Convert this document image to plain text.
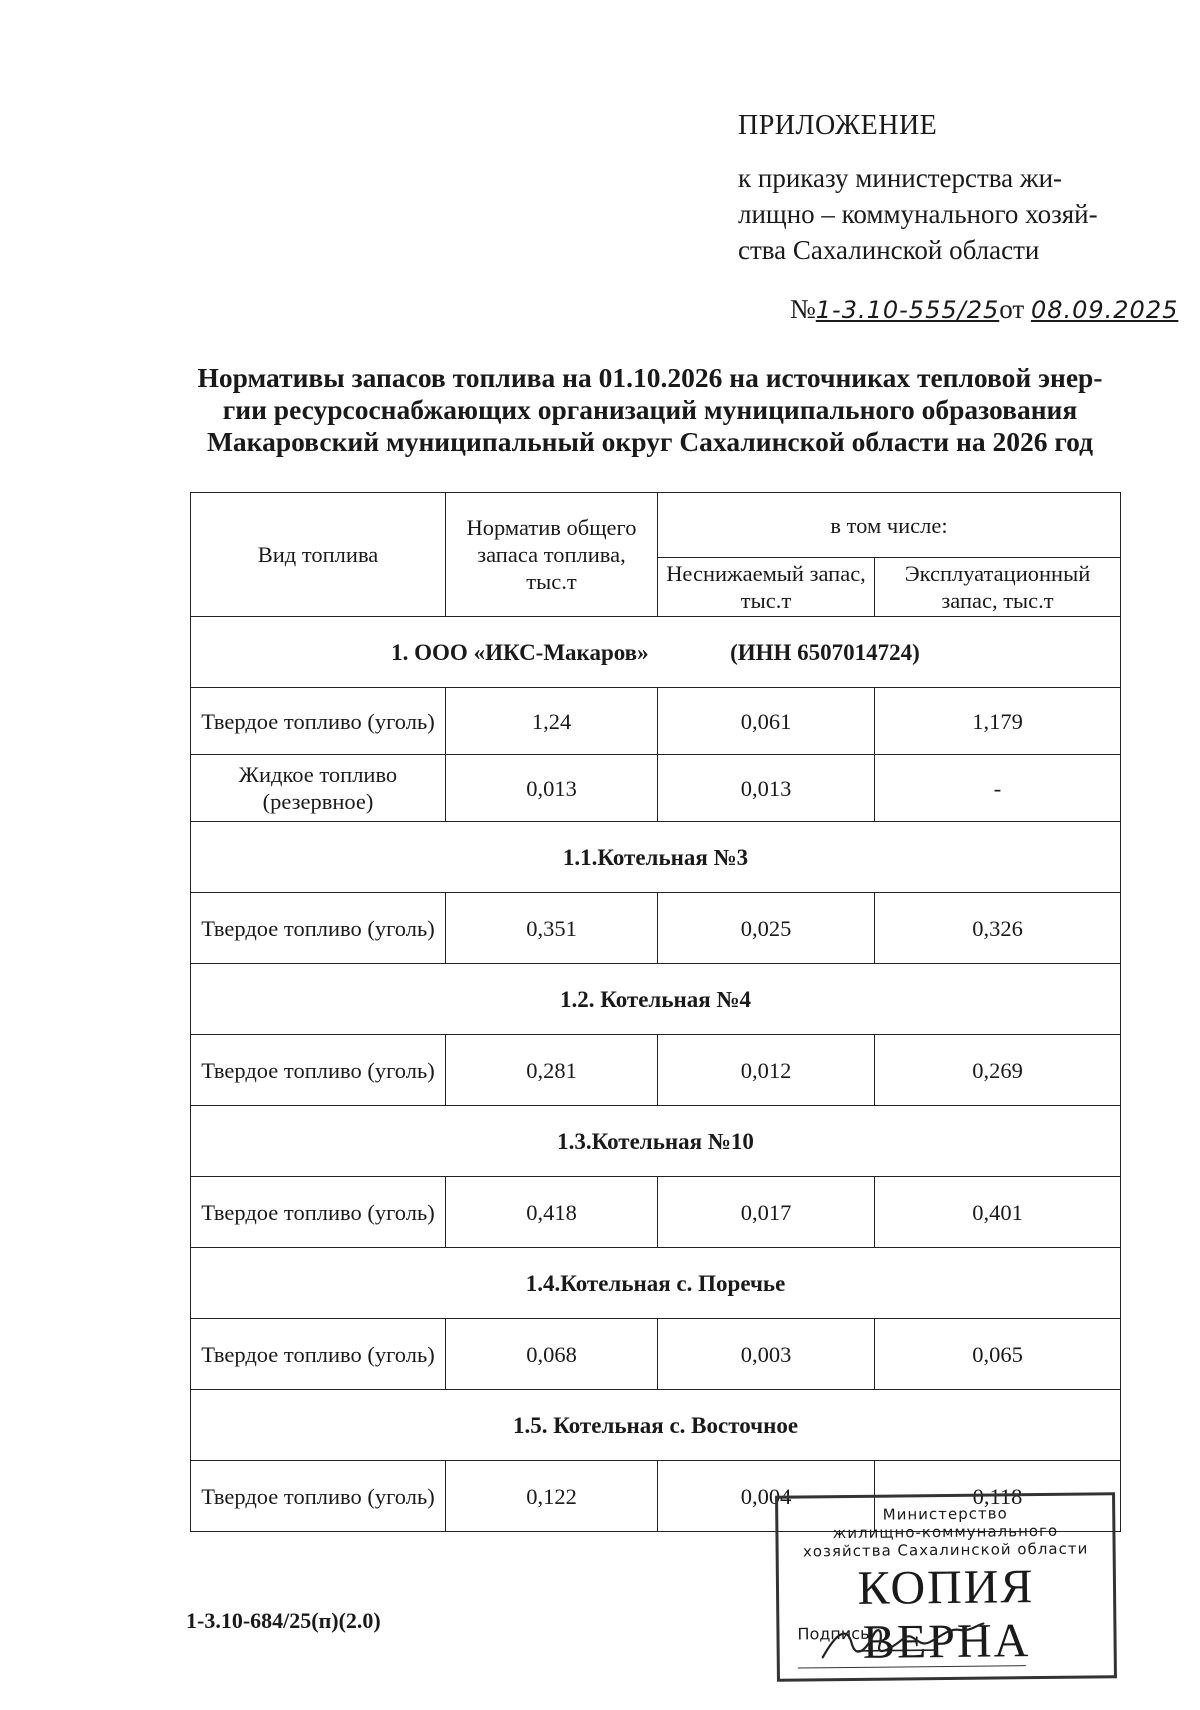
ПРИЛОЖЕНИЕ
к приказу министерства жи-
лищно – коммунального хозяй-
ства Сахалинской области
№1-3.10-555/25от 08.09.2025
Нормативы запасов топлива на 01.10.2026 на источниках тепловой энер-
гии ресурсоснабжающих организаций муниципального образования
Макаровский муниципальный округ Сахалинской области на 2026 год
Вид топлива	Норматив общего запаса топлива, тыс.т	в том числе:	
		Неснижаемый запас, тыс.т	Эксплуатационный запас, тыс.т
1. ООО «ИКС-Макаров» (ИНН 6507014724)			
Твердое топливо (уголь)	1,24	0,061	1,179
Жидкое топливо (резервное)	0,013	0,013	-
1.1.Котельная №3			
Твердое топливо (уголь)	0,351	0,025	0,326
1.2. Котельная №4			
Твердое топливо (уголь)	0,281	0,012	0,269
1.3.Котельная №10			
Твердое топливо (уголь)	0,418	0,017	0,401
1.4.Котельная с. Поречье			
Твердое топливо (уголь)	0,068	0,003	0,065
1.5. Котельная с. Восточное			
Твердое топливо (уголь)	0,122	0,004	0,118
1-3.10-684/25(п)(2.0)
Министерство
жилищно-коммунального
хозяйства Сахалинской области
КОПИЯ ВЕРНА
Подпись
